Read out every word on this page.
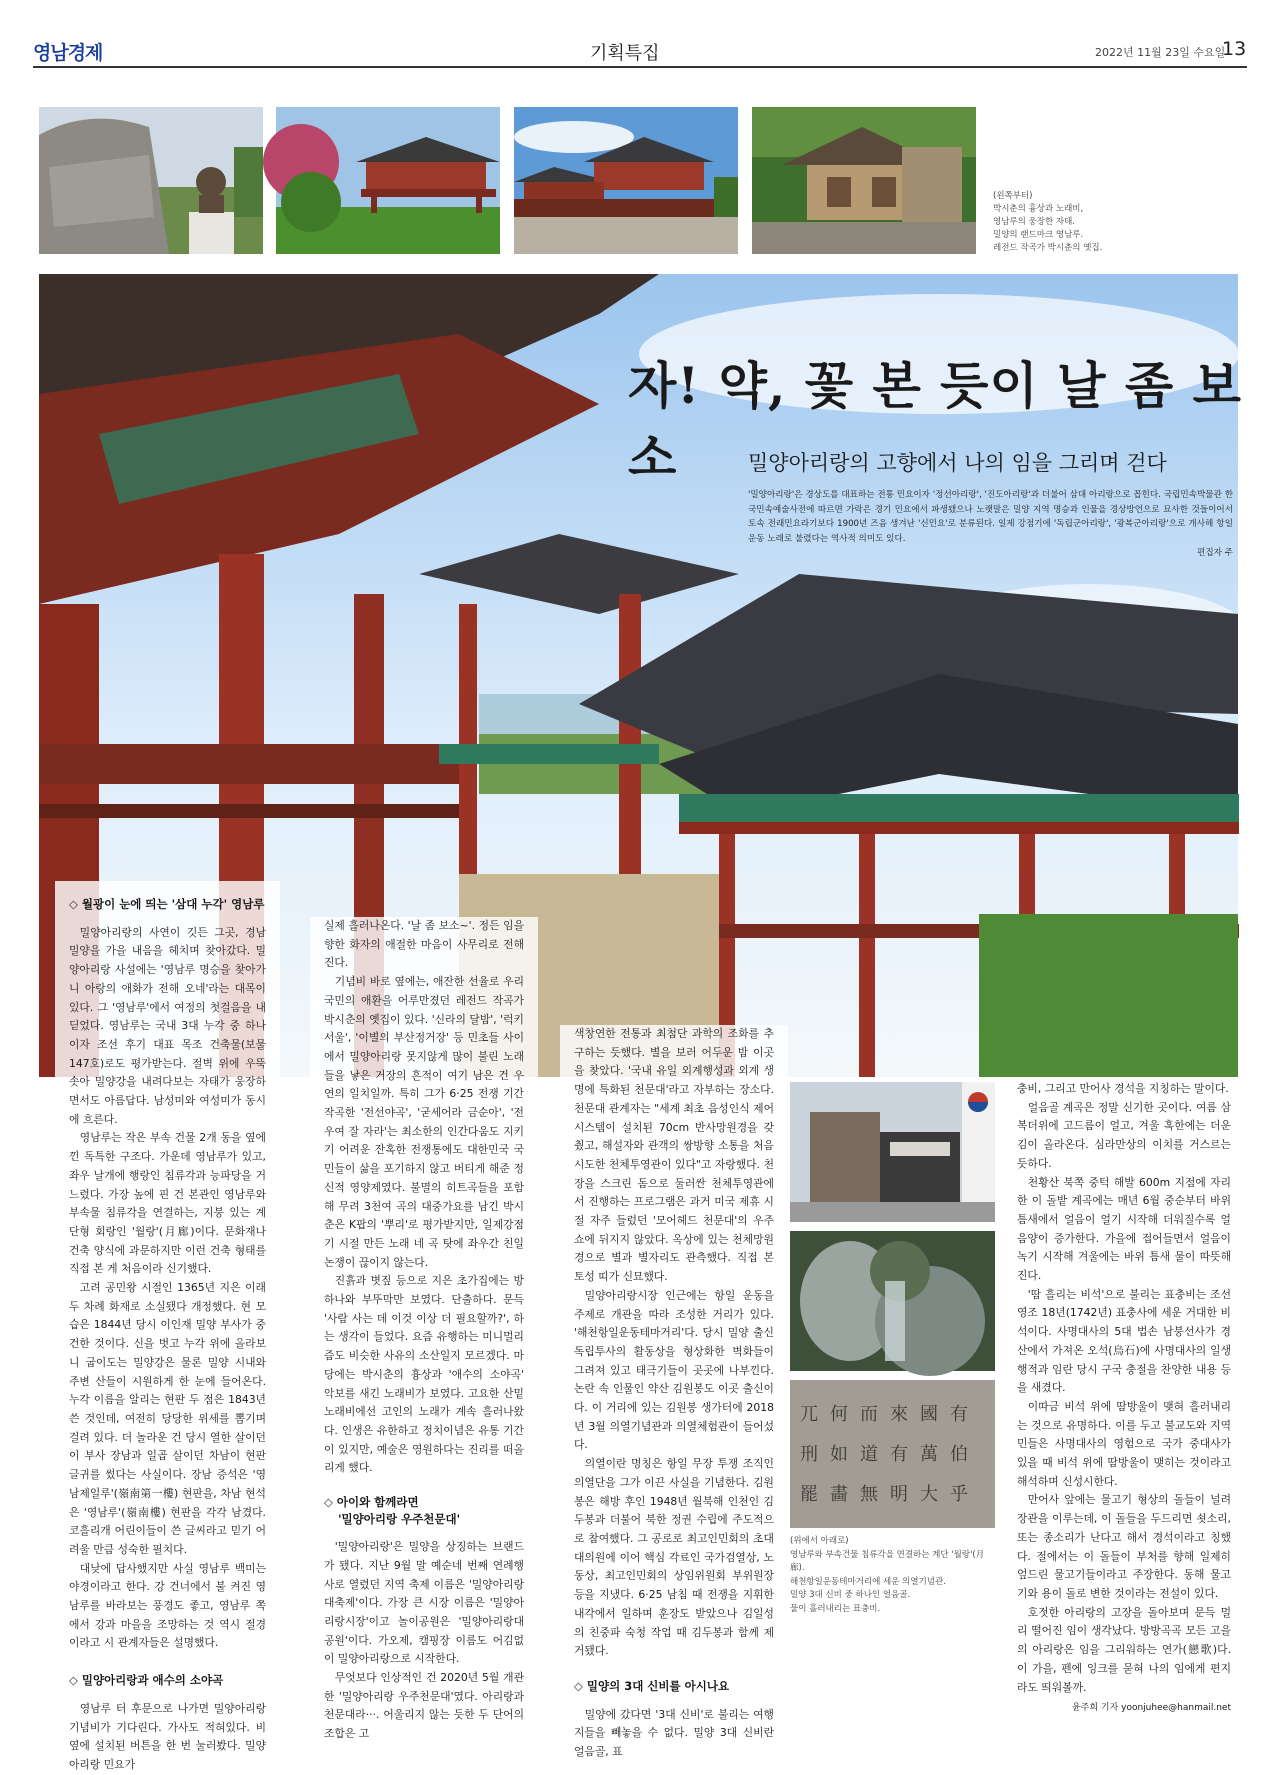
영남경제	기획특집	2022년 11월 23일 수요일
13
(왼쪽부터)
박시춘의 흉상과 노래비,
영남루의 웅장한 자태.
밀양의 랜드마크 영남루.
레전드 작곡가 박시춘의 옛집.
자! 약, 꽃 본 듯이 날 좀 보소	밀양아리랑의 고향에서 나의 임을 그리며 걷다
'밀양아리랑'은 경상도를 대표하는 전통 민요이자 '정선아리랑', '진도아리랑'과 더불어 삼대 아리랑으로 꼽힌다. 국립민속박물관 한국민속예술사전에 따르면 가락은 경기 민요에서 파생됐으나 노랫말은 밀양 지역 명승과 인물을 경상방언으로 묘사한 것들이어서 토속 전래민요라기보다 1900년 즈음 생겨난 '신민요'로 분류된다. 일제 강점기에 '독립군아리랑', '광복군아리랑'으로 개사해 항일운동 노래로 불렸다는 역사적 의미도 있다.
편집자 주
◇ 월광이 눈에 띄는 '삼대 누각' 영남루

밀양아리랑의 사연이 깃든 그곳, 경남 밀양을 가을 내음을 헤치며 찾아갔다. 밀양아리랑 사설에는 '영남루 명승을 찾아가니 아랑의 애화가 전해 오네'라는 대목이 있다. 그 '영남루'에서 여정의 첫걸음을 내딛었다. 영남루는 국내 3대 누각 중 하나이자 조선 후기 대표 목조 건축물(보물 147호)로도 평가받는다. 절벽 위에 우뚝 솟아 밀양강을 내려다보는 자태가 웅장하면서도 아름답다. 남성미와 여성미가 동시에 흐른다.

영남루는 작은 부속 건물 2개 동을 옆에 낀 독특한 구조다. 가운데 영남루가 있고, 좌우 날개에 행랑인 침류각과 능파당을 거느렸다. 가장 높에 핀 건 본관인 영남루와 부속물 침류각을 연결하는, 지붕 있는 계단형 회랑인 '월랑'(月廊)이다. 문화재나 건축 양식에 과문하지만 이런 건축 형태를 직접 본 게 처음이라 신기했다.

고려 공민왕 시절인 1365년 지은 이래 두 차례 화재로 소실됐다 개정했다. 현 모습은 1844년 당시 이인재 밀양 부사가 중건한 것이다. 신을 벗고 누각 위에 올라보니 굽이도는 밀양강은 물론 밀양 시내와 주변 산들이 시원하게 한 눈에 들어온다. 누각 이름을 알리는 현판 두 점은 1843년 쓴 것인데, 여전히 당당한 위세를 뽐기며 걸려 있다. 더 놀라운 건 당시 열한 살이던 이 부사 장남과 일곱 살이던 차남이 현판 글귀를 썼다는 사실이다. 장남 증석은 '영남제일루'(嶺南第一樓) 현판을, 차남 현석은 '영남루'(嶺南樓) 현판을 각각 남겼다. 코흘리개 어린이들이 쓴 글씨라고 믿기 어려울 만큼 성숙한 필치다.

대낮에 답사했지만 사실 영남루 백미는 야경이라고 한다. 강 건너에서 불 켜진 영남루를 바라보는 풍경도 좋고, 영남루 쪽에서 강과 마을을 조망하는 것 역시 절경이라고 시 관계자들은 설명했다.

◇ 밀양아리랑과 애수의 소야곡

영남루 터 후문으로 나가면 밀양아리랑 기념비가 기다린다. 가사도 적혀있다. 비 옆에 설치된 버튼을 한 번 눌러봤다. 밀양아리랑 민요가

실제 흘러나온다. '날 좀 보소~'. 정든 임을 향한 화자의 애절한 마음이 사무리로 전해진다.

기념비 바로 옆에는, 애잔한 선율로 우리 국민의 애환을 어루만졌던 레전드 작곡가 박시춘의 옛집이 있다. '신라의 달밤', '럭키 서울', '이별의 부산정거장' 등 민초들 사이에서 밀양아리랑 못지않게 많이 불린 노래들을 낳은 거장의 흔적이 여기 남은 건 우연의 일치일까. 특히 그가 6·25 전쟁 기간 작곡한 '전선야곡', '굳세어라 금순아', '전우여 잘 자라'는 최소한의 인간다움도 지키기 어려운 잔혹한 전쟁통에도 대한민국 국민들이 삶을 포기하지 않고 버티게 해준 정신적 영양제였다. 불멸의 히트곡들을 포함해 무려 3천여 곡의 대중가요를 남긴 박시춘은 K팝의 '뿌리'로 평가받지만, 일제강점기 시절 만든 노래 네 곡 탓에 좌우간 친일 논쟁이 끊이지 않는다.

진흙과 볏짚 등으로 지은 초가집에는 방 하나와 부뚜막만 보였다. 단출하다. 문득 '사람 사는 데 이것 이상 더 필요할까?', 하는 생각이 들었다. 요즘 유행하는 미니멀리즘도 비슷한 사유의 소산일지 모르겠다. 마당에는 박시춘의 흉상과 '애수의 소야곡' 악보를 새긴 노래비가 보였다. 고요한 산밑 노래비에선 고인의 노래가 계속 흘러나왔다. 인생은 유한하고 정치이념은 유통 기간이 있지만, 예술은 영원하다는 진리를 떠올리게 했다.

◇ 아이와 함께라면
'밀양아리랑 우주천문대'

'밀양아리랑'은 밀양을 상징하는 브랜드가 됐다. 지난 9월 말 예순네 번째 연례행사로 열렸던 지역 축제 이름은 '밀양아리랑대축제'이다. 가장 큰 시장 이름은 '밀양아리랑시장'이고 놀이공원은 '밀양아리랑대공원'이다. 가오제, 캠핑장 이름도 어김없이 밀양아리랑으로 시작한다.

무엇보다 인상적인 건 2020년 5월 개관한 '밀양아리랑 우주천문대'였다. 아리랑과 천문대라···. 어울리지 않는 듯한 두 단어의 조합은 고

색창연한 전통과 최첨단 과학의 조화를 추구하는 듯했다. 별을 보러 어두운 밤 이곳을 찾았다. '국내 유일 외계행성과 외계 생명에 특화된 천문대'라고 자부하는 장소다. 천문대 관계자는 "세계 최초 음성인식 제어시스템이 설치된 70cm 반사망원경을 갖췄고, 해설자와 관객의 쌍방향 소통을 처음 시도한 천체투영관이 있다"고 자랑했다. 천장을 스크린 돔으로 둘러싼 천체투영관에서 진행하는 프로그램은 과거 미국 제휴 시절 자주 들렀던 '모어헤드 천문대'의 우주 쇼에 뒤지지 않았다. 옥상에 있는 천체망원경으로 별과 별자리도 관측했다. 직접 본 토성 띠가 신묘했다.

밀양아리랑시장 인근에는 항일 운동을 주제로 개관을 따라 조성한 거리가 있다. '해천항일운동테마거리'다. 당시 밀양 출신 독립투사의 활동상을 형상화한 벽화들이 그려져 있고 태극기들이 곳곳에 나부낀다. 논란 속 인물인 약산 김원봉도 이곳 출신이다. 이 거리에 있는 김원봉 생가터에 2018년 3월 의열기념관과 의열체험관이 들어섰다.

의열이란 명칭은 항일 무장 투쟁 조직인 의열단을 그가 이끈 사실을 기념한다. 김원봉은 해방 후인 1948년 월북해 인천인 김두봉과 더불어 북한 정권 수립에 주도적으로 참여했다. 그 공로로 최고인민회의 초대 대의원에 이어 핵심 각료인 국가검열상, 노동상, 최고인민회의 상임위원회 부위원장 등을 지냈다. 6·25 남침 때 전쟁을 지휘한 내각에서 일하며 훈장도 받았으나 김일성의 친중파 숙청 작업 때 김두봉과 함께 제거됐다.

◇ 밀양의 3대 신비를 아시나요

밀양에 갔다면 '3대 신비'로 불리는 여행지들을 빼놓을 수 없다. 밀양 3대 신비란 얼음골, 표

兀 何 而 來 國 有
刑 如 道 有 萬 伯
罷 畵 無 明 大 乎
(위에서 아래로)
영남루와 부속건물 침류각을 연결하는 계단 '월랑'(月廊).
해천항일운동테마거리에 세운 의열기념관.
밀양 3대 신비 중 하나인 얼음골.
물이 흘러내리는 표충비.

충비, 그리고 만어사 경석을 지칭하는 말이다.

얼음골 계곡은 정말 신기한 곳이다. 여름 삼복더위에 고드름이 얼고, 겨울 혹한에는 더운 김이 올라온다. 심라만상의 이치를 거스르는 듯하다.

천황산 북쪽 중턱 해발 600m 지점에 자리한 이 돌밭 계곡에는 매년 6월 중순부터 바위 틈새에서 얼음이 얼기 시작해 더워질수록 얼음양이 증가한다. 가을에 접어들면서 얼음이 녹기 시작해 겨울에는 바위 틈새 물이 따뜻해진다.

'땀 흘리는 비석'으로 불리는 표충비는 조선 영조 18년(1742년) 표충사에 세운 거대한 비석이다. 사명대사의 5대 법손 남붕선사가 경산에서 가져온 오석(烏石)에 사명대사의 일생 행적과 임란 당시 구국 충절을 찬양한 내용 등을 새겼다.

이따금 비석 위에 땀방울이 맺혀 흘러내리는 것으로 유명하다. 이를 두고 불교도와 지역민들은 사명대사의 영험으로 국가 중대사가 있을 때 비석 위에 땀방울이 맺히는 것이라고 해석하며 신성시한다.

만어사 앞에는 물고기 형상의 돌들이 널려 장관을 이루는데, 이 돌들을 두드리면 쇳소리, 또는 종소리가 난다고 해서 경석이라고 칭했다. 절에서는 이 돌들이 부처를 향해 일제히 엎드린 물고기들이라고 주장한다. 동해 물고기와 용이 돌로 변한 것이라는 전설이 있다.

호젓한 아리랑의 고장을 돌아보며 문득 멀리 떨어진 임이 생각났다. 방방곡곡 모든 고을의 아리랑은 임을 그리워하는 연가(戀歌)다. 이 가을, 펜에 잉크를 묻혀 나의 임에게 편지라도 띄워볼까.

윤주희 기자 yoonjuhee@hanmail.net
